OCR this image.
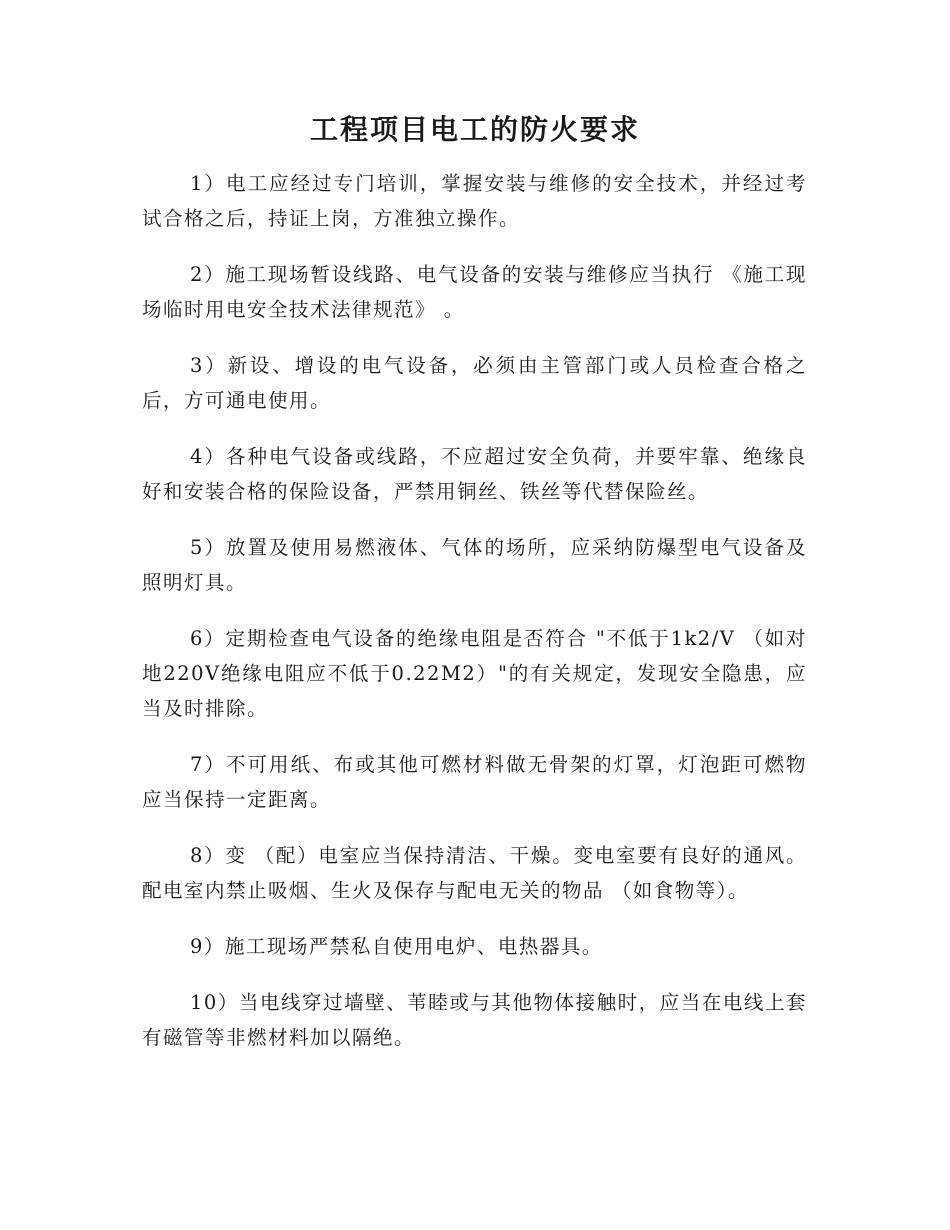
工程项目电工的防火要求

1）电工应经过专门培训，掌握安装与维修的安全技术，并经过考试合格之后，持证上岗，方准独立操作。

2）施工现场暂设线路、电气设备的安装与维修应当执行 《施工现场临时用电安全技术法律规范》 。

3）新设、增设的电气设备，必须由主管部门或人员检查合格之后，方可通电使用。

4）各种电气设备或线路，不应超过安全负荷，并要牢靠、绝缘良好和安装合格的保险设备，严禁用铜丝、铁丝等代替保险丝。

5）放置及使用易燃液体、气体的场所，应采纳防爆型电气设备及照明灯具。

6）定期检查电气设备的绝缘电阻是否符合 "不低于1k2/V （如对地220V绝缘电阻应不低于0.22M2）"的有关规定，发现安全隐患，应当及时排除。

7）不可用纸、布或其他可燃材料做无骨架的灯罩，灯泡距可燃物应当保持一定距离。

8）变 （配）电室应当保持清洁、干燥。变电室要有良好的通风。配电室内禁止吸烟、生火及保存与配电无关的物品 （如食物等）。

9）施工现场严禁私自使用电炉、电热器具。

10）当电线穿过墙壁、苇睦或与其他物体接触时，应当在电线上套有磁管等非燃材料加以隔绝。
